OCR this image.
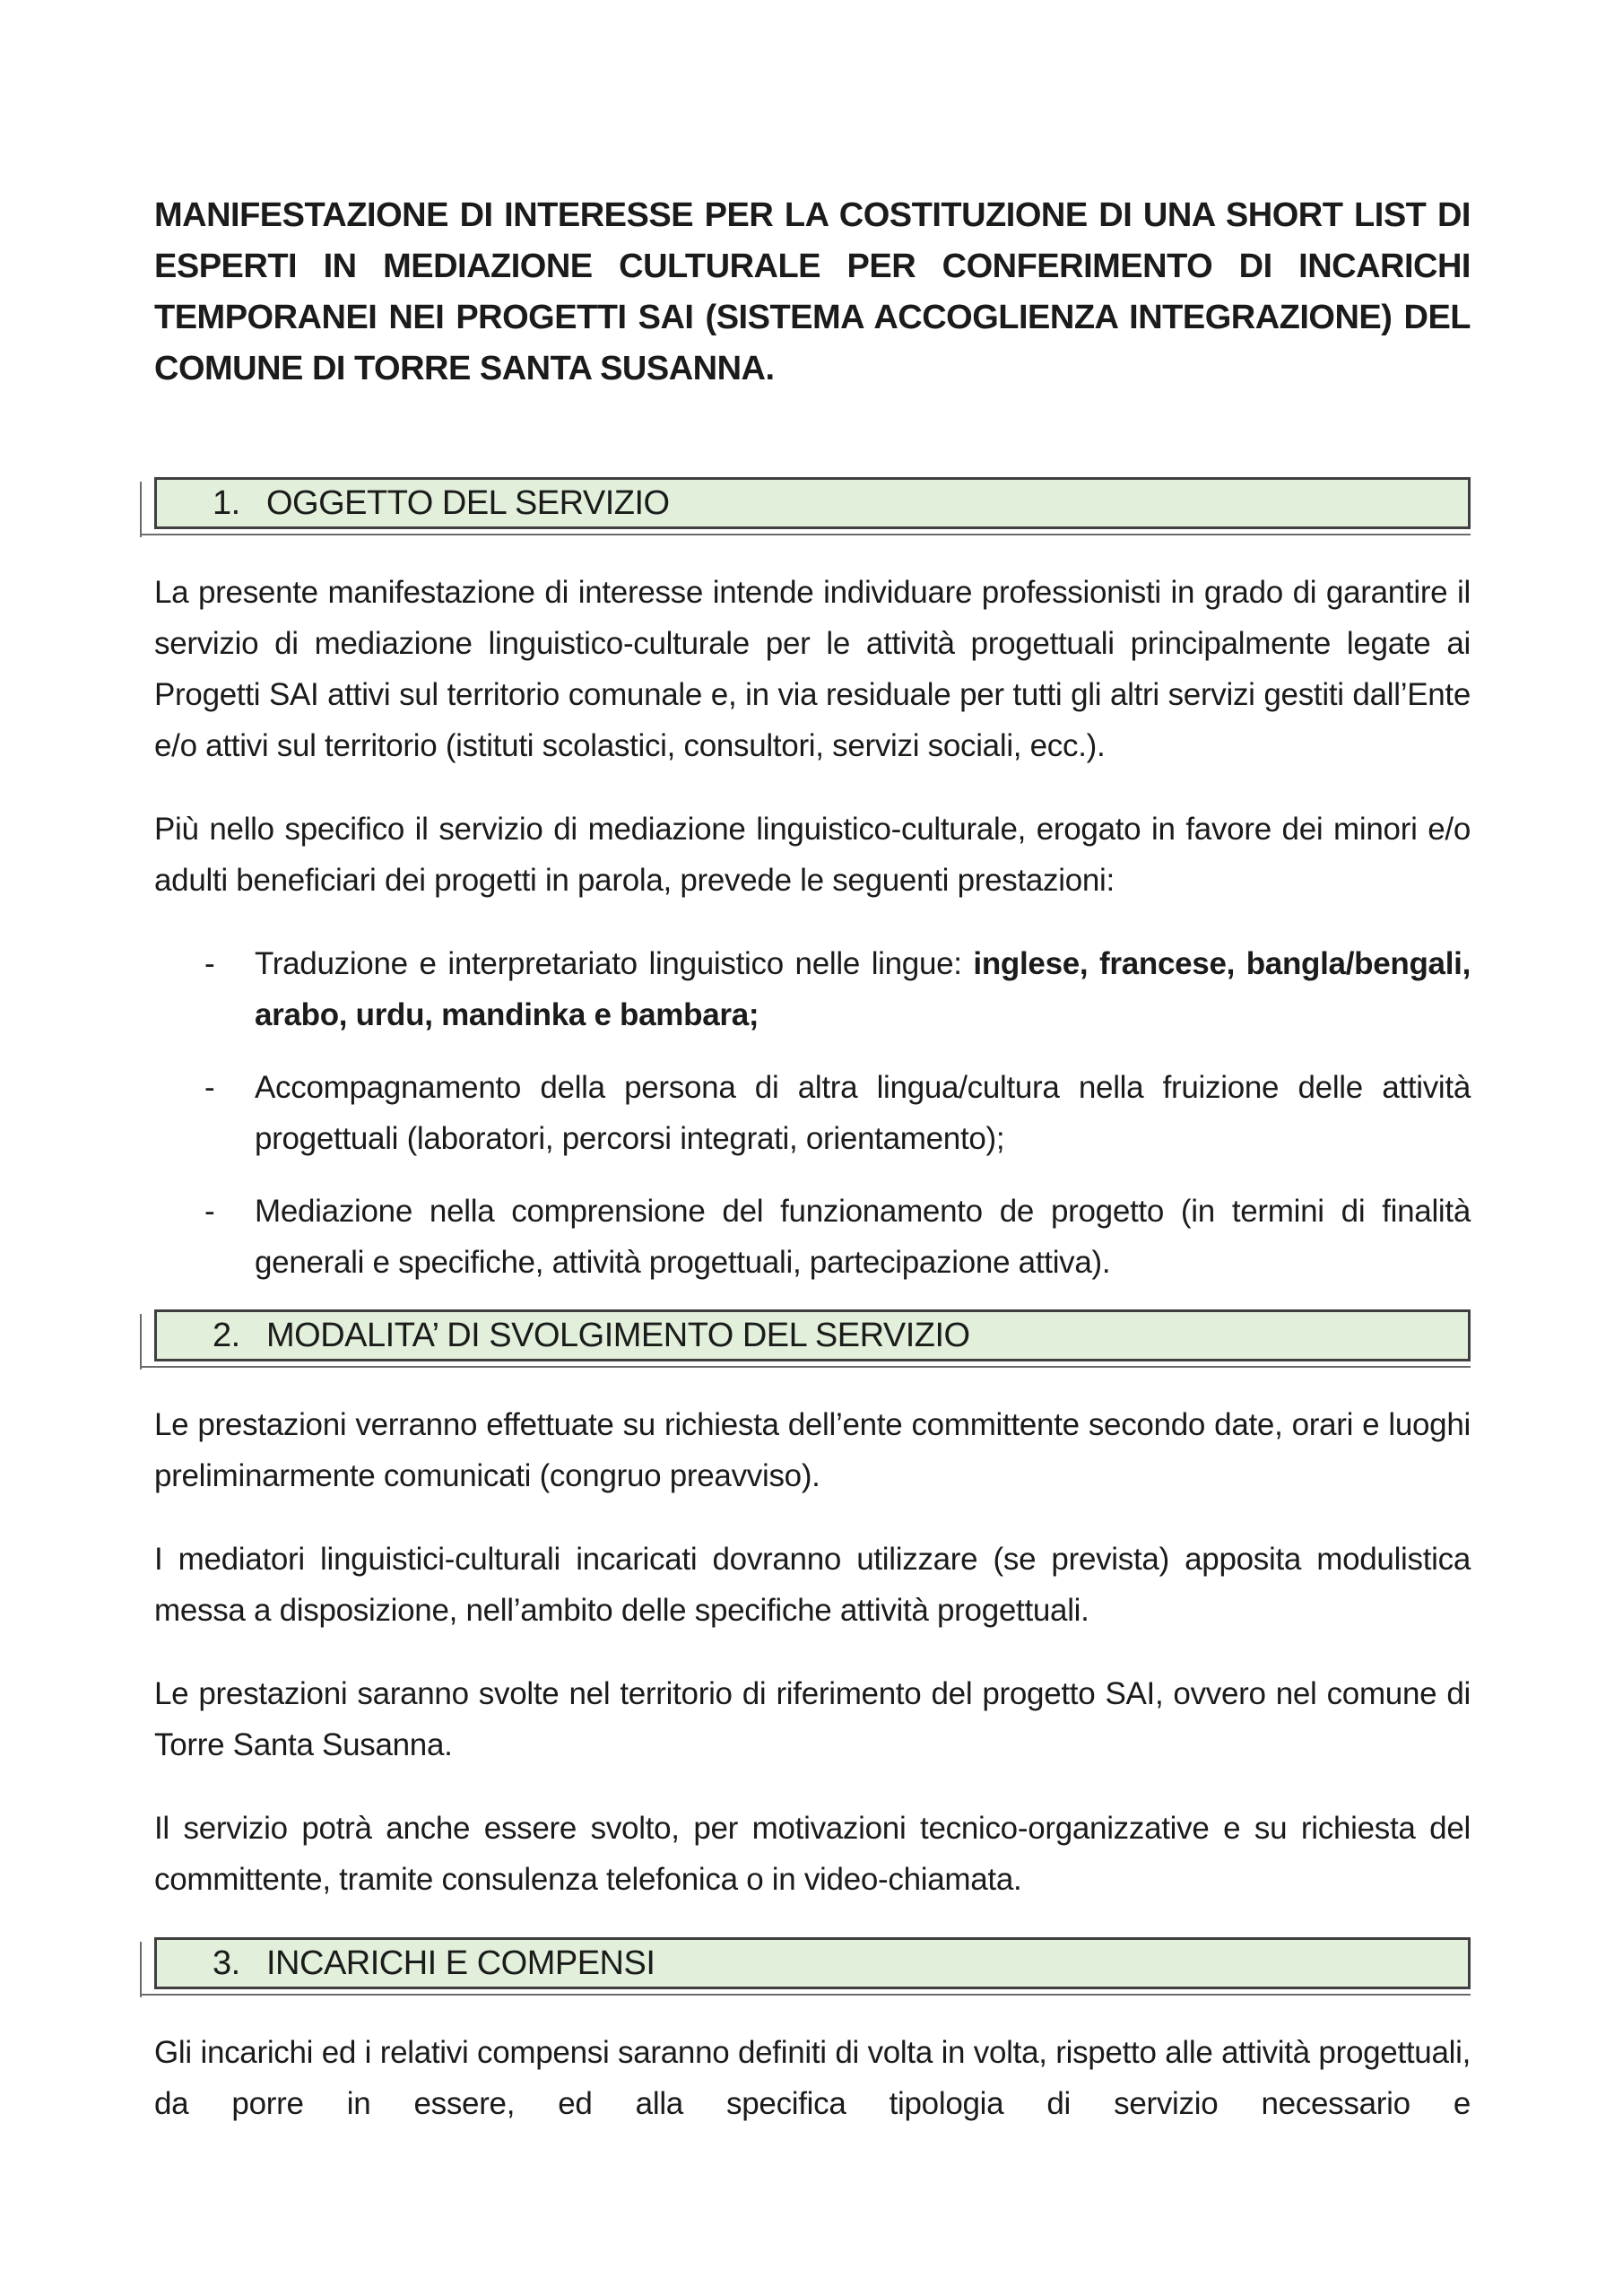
MANIFESTAZIONE DI INTERESSE PER LA COSTITUZIONE DI UNA SHORT LIST DI ESPERTI IN MEDIAZIONE CULTURALE PER CONFERIMENTO DI INCARICHI TEMPORANEI NEI PROGETTI SAI (SISTEMA ACCOGLIENZA INTEGRAZIONE) DEL COMUNE DI TORRE SANTA SUSANNA.

1. OGGETTO DEL SERVIZIO

La presente manifestazione di interesse intende individuare professionisti in grado di garantire il servizio di mediazione linguistico-culturale per le attività progettuali principalmente legate ai Progetti SAI attivi sul territorio comunale e, in via residuale per tutti gli altri servizi gestiti dall’Ente e/o attivi sul territorio (istituti scolastici, consultori, servizi sociali, ecc.).

Più nello specifico il servizio di mediazione linguistico-culturale, erogato in favore dei minori e/o adulti beneficiari dei progetti in parola, prevede le seguenti prestazioni:

-	Traduzione e interpretariato linguistico nelle lingue: inglese, francese, bangla/bengali, arabo, urdu, mandinka e bambara;

-	Accompagnamento della persona di altra lingua/cultura nella fruizione delle attività progettuali (laboratori, percorsi integrati, orientamento);

-	Mediazione nella comprensione del funzionamento de progetto (in termini di finalità generali e specifiche, attività progettuali, partecipazione attiva).

2. MODALITA’ DI SVOLGIMENTO DEL SERVIZIO

Le prestazioni verranno effettuate su richiesta dell’ente committente secondo date, orari e luoghi preliminarmente comunicati (congruo preavviso).

I mediatori linguistici-culturali incaricati dovranno utilizzare (se prevista) apposita modulistica messa a disposizione, nell’ambito delle specifiche attività progettuali.

Le prestazioni saranno svolte nel territorio di riferimento del progetto SAI, ovvero nel comune di Torre Santa Susanna.

Il servizio potrà anche essere svolto, per motivazioni tecnico-organizzative e su richiesta del committente, tramite consulenza telefonica o in video-chiamata.

3. INCARICHI E COMPENSI

Gli incarichi ed i relativi compensi saranno definiti di volta in volta, rispetto alle attività progettuali, da porre in essere, ed alla specifica tipologia di servizio necessario e
